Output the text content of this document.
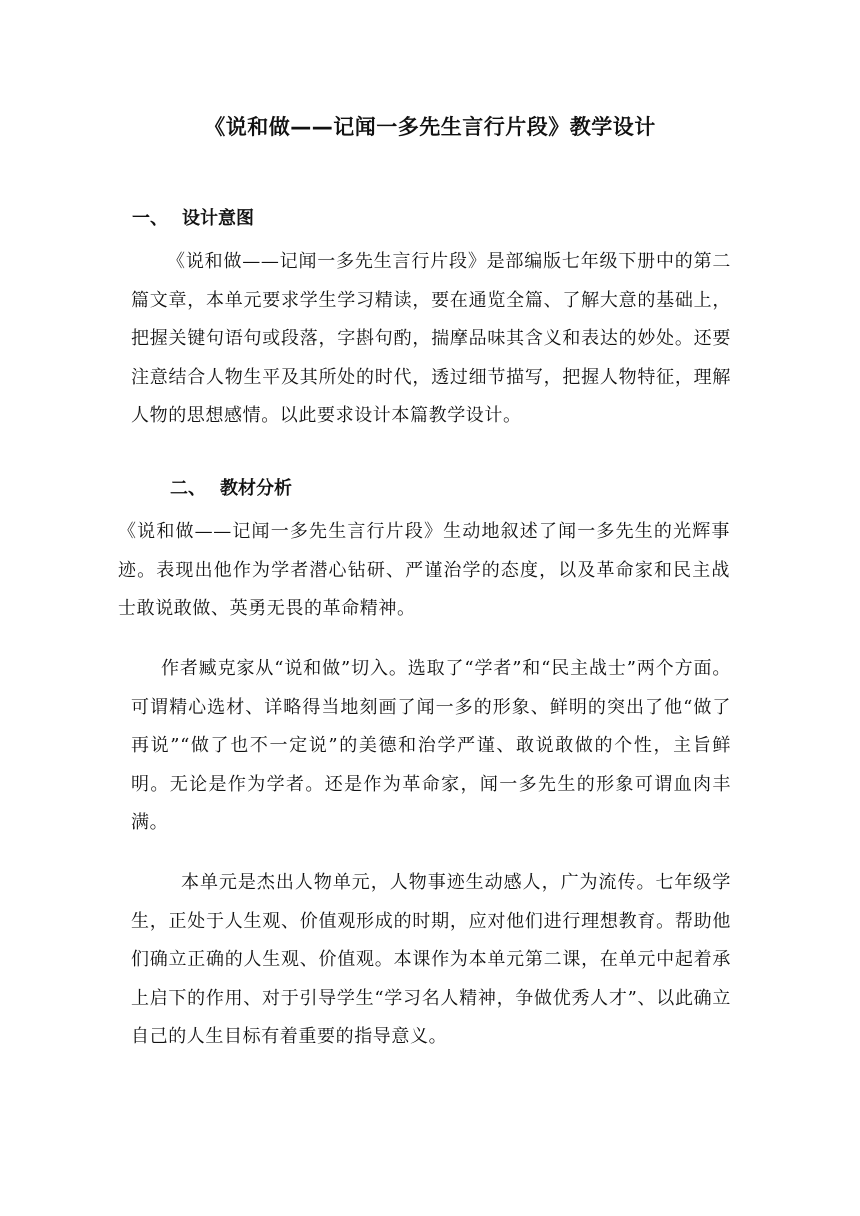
《说和做——记闻一多先生言行片段》教学设计
一、 设计意图
《说和做——记闻一多先生言行片段》是部编版七年级下册中的第二篇文章，本单元要求学生学习精读，要在通览全篇、了解大意的基础上，把握关键句语句或段落，字斟句酌，揣摩品味其含义和表达的妙处。还要注意结合人物生平及其所处的时代，透过细节描写，把握人物特征，理解人物的思想感情。以此要求设计本篇教学设计。
二、 教材分析
《说和做——记闻一多先生言行片段》生动地叙述了闻一多先生的光辉事迹。表现出他作为学者潜心钻研、严谨治学的态度，以及革命家和民主战士敢说敢做、英勇无畏的革命精神。
作者臧克家从“说和做”切入。选取了“学者”和“民主战士”两个方面。可谓精心选材、详略得当地刻画了闻一多的形象、鲜明的突出了他“做了再说”“做了也不一定说”的美德和治学严谨、敢说敢做的个性，主旨鲜明。无论是作为学者。还是作为革命家，闻一多先生的形象可谓血肉丰满。
本单元是杰出人物单元，人物事迹生动感人，广为流传。七年级学生，正处于人生观、价值观形成的时期，应对他们进行理想教育。帮助他们确立正确的人生观、价值观。本课作为本单元第二课，在单元中起着承上启下的作用、对于引导学生“学习名人精神，争做优秀人才”、以此确立自己的人生目标有着重要的指导意义。
